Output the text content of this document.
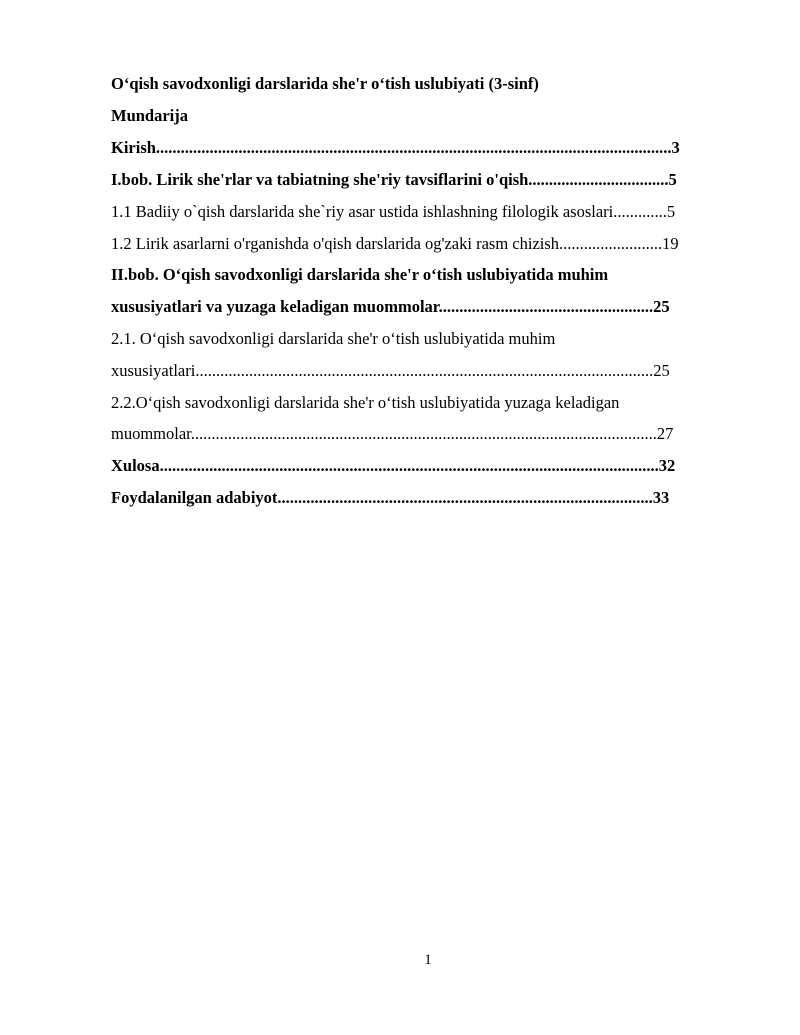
O‘qish savodxonligi darslarida she'r o‘tish uslubiyati (3-sinf)
Mundarija
Kirish.............................................................................................................................3
I.bob. Lirik she'rlar va tabiatning she'riy tavsiflarini o'qish..................................5
1.1 Badiiy o`qish darslarida she`riy asar ustida ishlashning filologik asoslari.............5
1.2 Lirik asarlarni o'rganishda o'qish darslarida og'zaki rasm chizish.........................19
II.bob. O‘qish savodxonligi darslarida she'r o‘tish uslubiyatida muhim
xususiyatlari va yuzaga keladigan muommolar....................................................25
2.1. O‘qish savodxonligi darslarida she'r o‘tish uslubiyatida muhim
xususiyatlari...............................................................................................................25
2.2.O‘qish savodxonligi darslarida she'r o‘tish uslubiyatida yuzaga keladigan
muommolar.................................................................................................................27
Xulosa.........................................................................................................................32
Foydalanilgan adabiyot...........................................................................................33
1
